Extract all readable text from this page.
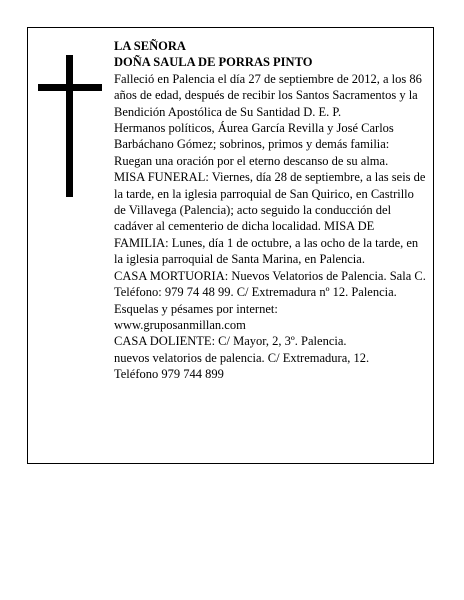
LA SEÑORA

DOÑA SAULA DE PORRAS PINTO

Falleció en Palencia el día 27 de septiembre de 2012, a los 86 años de edad, después de recibir los Santos Sacramentos y la Bendición Apostólica de Su Santidad D. E. P.

Hermanos políticos, Áurea García Revilla y José Carlos Barbáchano Gómez; sobrinos, primos y demás familia:

Ruegan una oración por el eterno descanso de su alma.

MISA FUNERAL: Viernes, día 28 de septiembre, a las seis de la tarde, en la iglesia parroquial de San Quirico, en Castrillo de Villavega (Palencia); acto seguido la conducción del cadáver al cementerio de dicha localidad. MISA DE FAMILIA: Lunes, día 1 de octubre, a las ocho de la tarde, en la iglesia parroquial de Santa Marina, en Palencia.

CASA MORTUORIA: Nuevos Velatorios de Palencia. Sala C. Teléfono: 979 74 48 99. C/ Extremadura nº 12. Palencia.

Esquelas y pésames por internet:

www.gruposanmillan.com

CASA DOLIENTE: C/ Mayor, 2, 3º. Palencia.

nuevos velatorios de palencia. C/ Extremadura, 12.

Teléfono 979 744 899
